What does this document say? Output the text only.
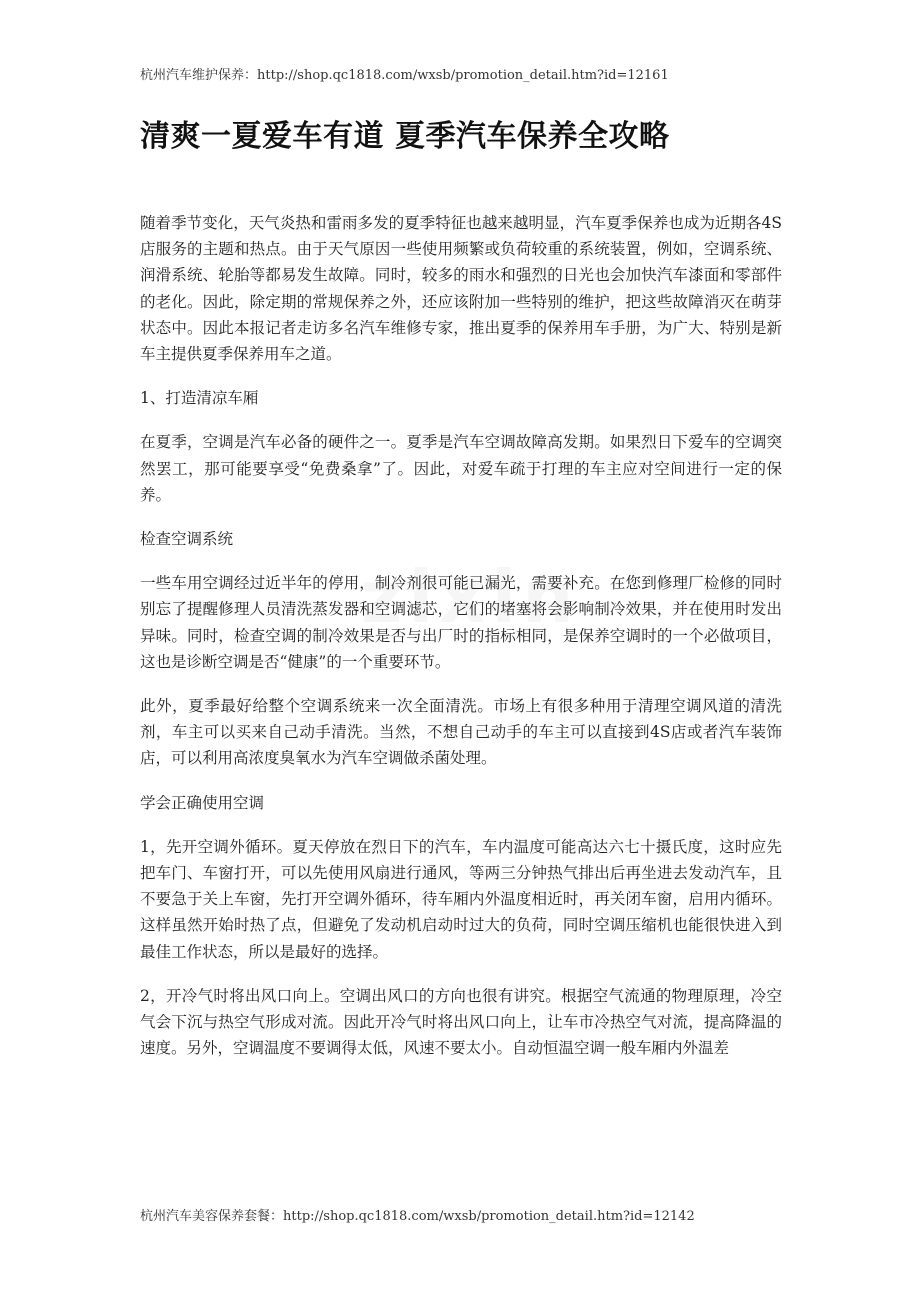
杭州汽车维护保养：http://shop.qc1818.com/wxsb/promotion_detail.htm?id=12161
清爽一夏爱车有道 夏季汽车保养全攻略

随着季节变化，天气炎热和雷雨多发的夏季特征也越来越明显，汽车夏季保养也成为近期各4S店服务的主题和热点。由于天气原因一些使用频繁或负荷较重的系统装置，例如，空调系统、润滑系统、轮胎等都易发生故障。同时，较多的雨水和强烈的日光也会加快汽车漆面和零部件的老化。因此，除定期的常规保养之外，还应该附加一些特别的维护，把这些故障消灭在萌芽状态中。因此本报记者走访多名汽车维修专家，推出夏季的保养用车手册，为广大、特别是新车主提供夏季保养用车之道。

1、打造清凉车厢

在夏季，空调是汽车必备的硬件之一。夏季是汽车空调故障高发期。如果烈日下爱车的空调突然罢工，那可能要享受“免费桑拿”了。因此，对爱车疏于打理的车主应对空间进行一定的保养。

检查空调系统

一些车用空调经过近半年的停用，制冷剂很可能已漏光，需要补充。在您到修理厂检修的同时别忘了提醒修理人员清洗蒸发器和空调滤芯，它们的堵塞将会影响制冷效果，并在使用时发出异味。同时，检查空调的制冷效果是否与出厂时的指标相同，是保养空调时的一个必做项目，这也是诊断空调是否“健康”的一个重要环节。

此外，夏季最好给整个空调系统来一次全面清洗。市场上有很多种用于清理空调风道的清洗剂，车主可以买来自己动手清洗。当然，不想自己动手的车主可以直接到4S店或者汽车装饰店，可以利用高浓度臭氧水为汽车空调做杀菌处理。

学会正确使用空调

1，先开空调外循环。夏天停放在烈日下的汽车，车内温度可能高达六七十摄氏度，这时应先把车门、车窗打开，可以先使用风扇进行通风，等两三分钟热气排出后再坐进去发动汽车，且不要急于关上车窗，先打开空调外循环，待车厢内外温度相近时，再关闭车窗，启用内循环。这样虽然开始时热了点，但避免了发动机启动时过大的负荷，同时空调压缩机也能很快进入到最佳工作状态，所以是最好的选择。

2，开冷气时将出风口向上。空调出风口的方向也很有讲究。根据空气流通的物理原理，冷空气会下沉与热空气形成对流。因此开冷气时将出风口向上，让车市冷热空气对流，提高降温的速度。另外，空调温度不要调得太低，风速不要太小。自动恒温空调一般车厢内外温差

杭州汽车美容保养套餐：http://shop.qc1818.com/wxsb/promotion_detail.htm?id=12142
